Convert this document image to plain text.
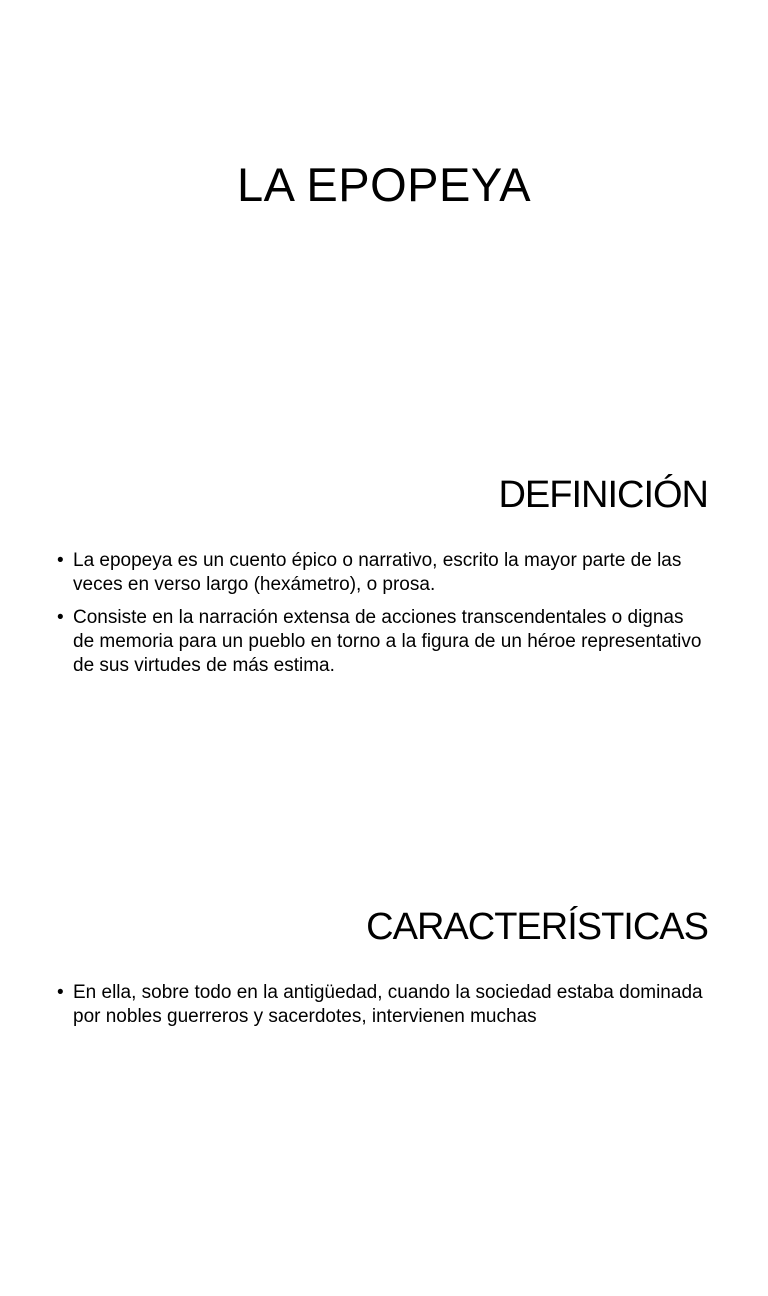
LA EPOPEYA
DEFINICIÓN
• La epopeya es un cuento épico o narrativo, escrito la mayor parte de las veces en verso largo (hexámetro), o prosa.
• Consiste en la narración extensa de acciones transcendentales o dignas de memoria para un pueblo en torno a la figura de un héroe representativo de sus virtudes de más estima.
CARACTERÍSTICAS
• En ella, sobre todo en la antigüedad, cuando la sociedad estaba dominada por nobles guerreros y sacerdotes, intervienen muchas
